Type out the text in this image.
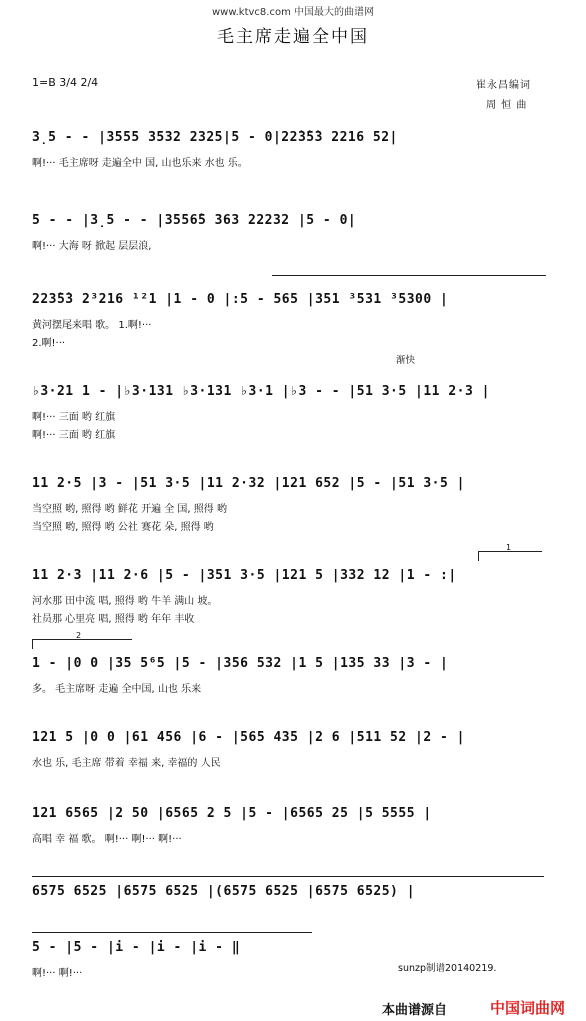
www.ktvc8.com 中国最大的曲谱网
毛主席走遍全中国
1=B 3/4 2/4	崔永昌编词
周 恒 曲
3̣5 - - |3555 3532 2325|5 - 0|22̇3̇5̇3 2216 52|
啊!··· 毛主席呀 走遍全中 国, 山也乐来 水也 乐。
5 - - |3̣5 - - |3556̇5 363 22232 |5 - 0|
啊!··· 大海 呀 掀起 层层浪,
223̇5̇3 2³216 ¹²1 |1 - 0 |:5 - 565 |351 ³531 ³5300 |
黄河摆尾来唱 歌。 1.啊!···
2.啊!···
♭3·21 1 - |♭3·131 ♭3·131 ♭3·1 |♭3 - - |51 3·5 |11 2·3 |
啊!··· 三面 哟 红旗
啊!··· 三面 哟 红旗
11 2·5 |3 - |51 3·5 |11 2·32 |121 652 |5 - |51 3·5 |
当空照 哟, 照得 哟 鲜花 开遍 全 国, 照得 哟
当空照 哟, 照得 哟 公社 赛花 朵, 照得 哟
11 2·3 |11 2·6 |5 - |351 3·5 |121 5 |332 12 |1 - :|
河水那 田中流 唱, 照得 哟 牛羊 满山 坡。
社员那 心里亮 唱, 照得 哟 年年 丰收
1 - |0 0 |35 5⁶5 |5 - |356 532 |1 5 |135 33 |3 - |
多。 毛主席呀 走遍 全中国, 山也 乐来
121 5 |0 0 |61 456 |6 - |565 435 |2 6 |511 52 |2 - |
水也 乐, 毛主席 带着 幸福 来, 幸福的 人民
121 6565 |2 50 |6565 2 5 |5 - |6565 25 |5 5555 |
高唱 幸 福 歌。 啊!··· 啊!··· 啊!···
6575 6525 |6575 6525 |(6575 6525 |6575 6525) |
5 - |5 - |i - |i - |i - ‖
啊!··· 啊!···
渐快
1
2
sunzp制谱20140219.
本曲谱源自	中国词曲网
